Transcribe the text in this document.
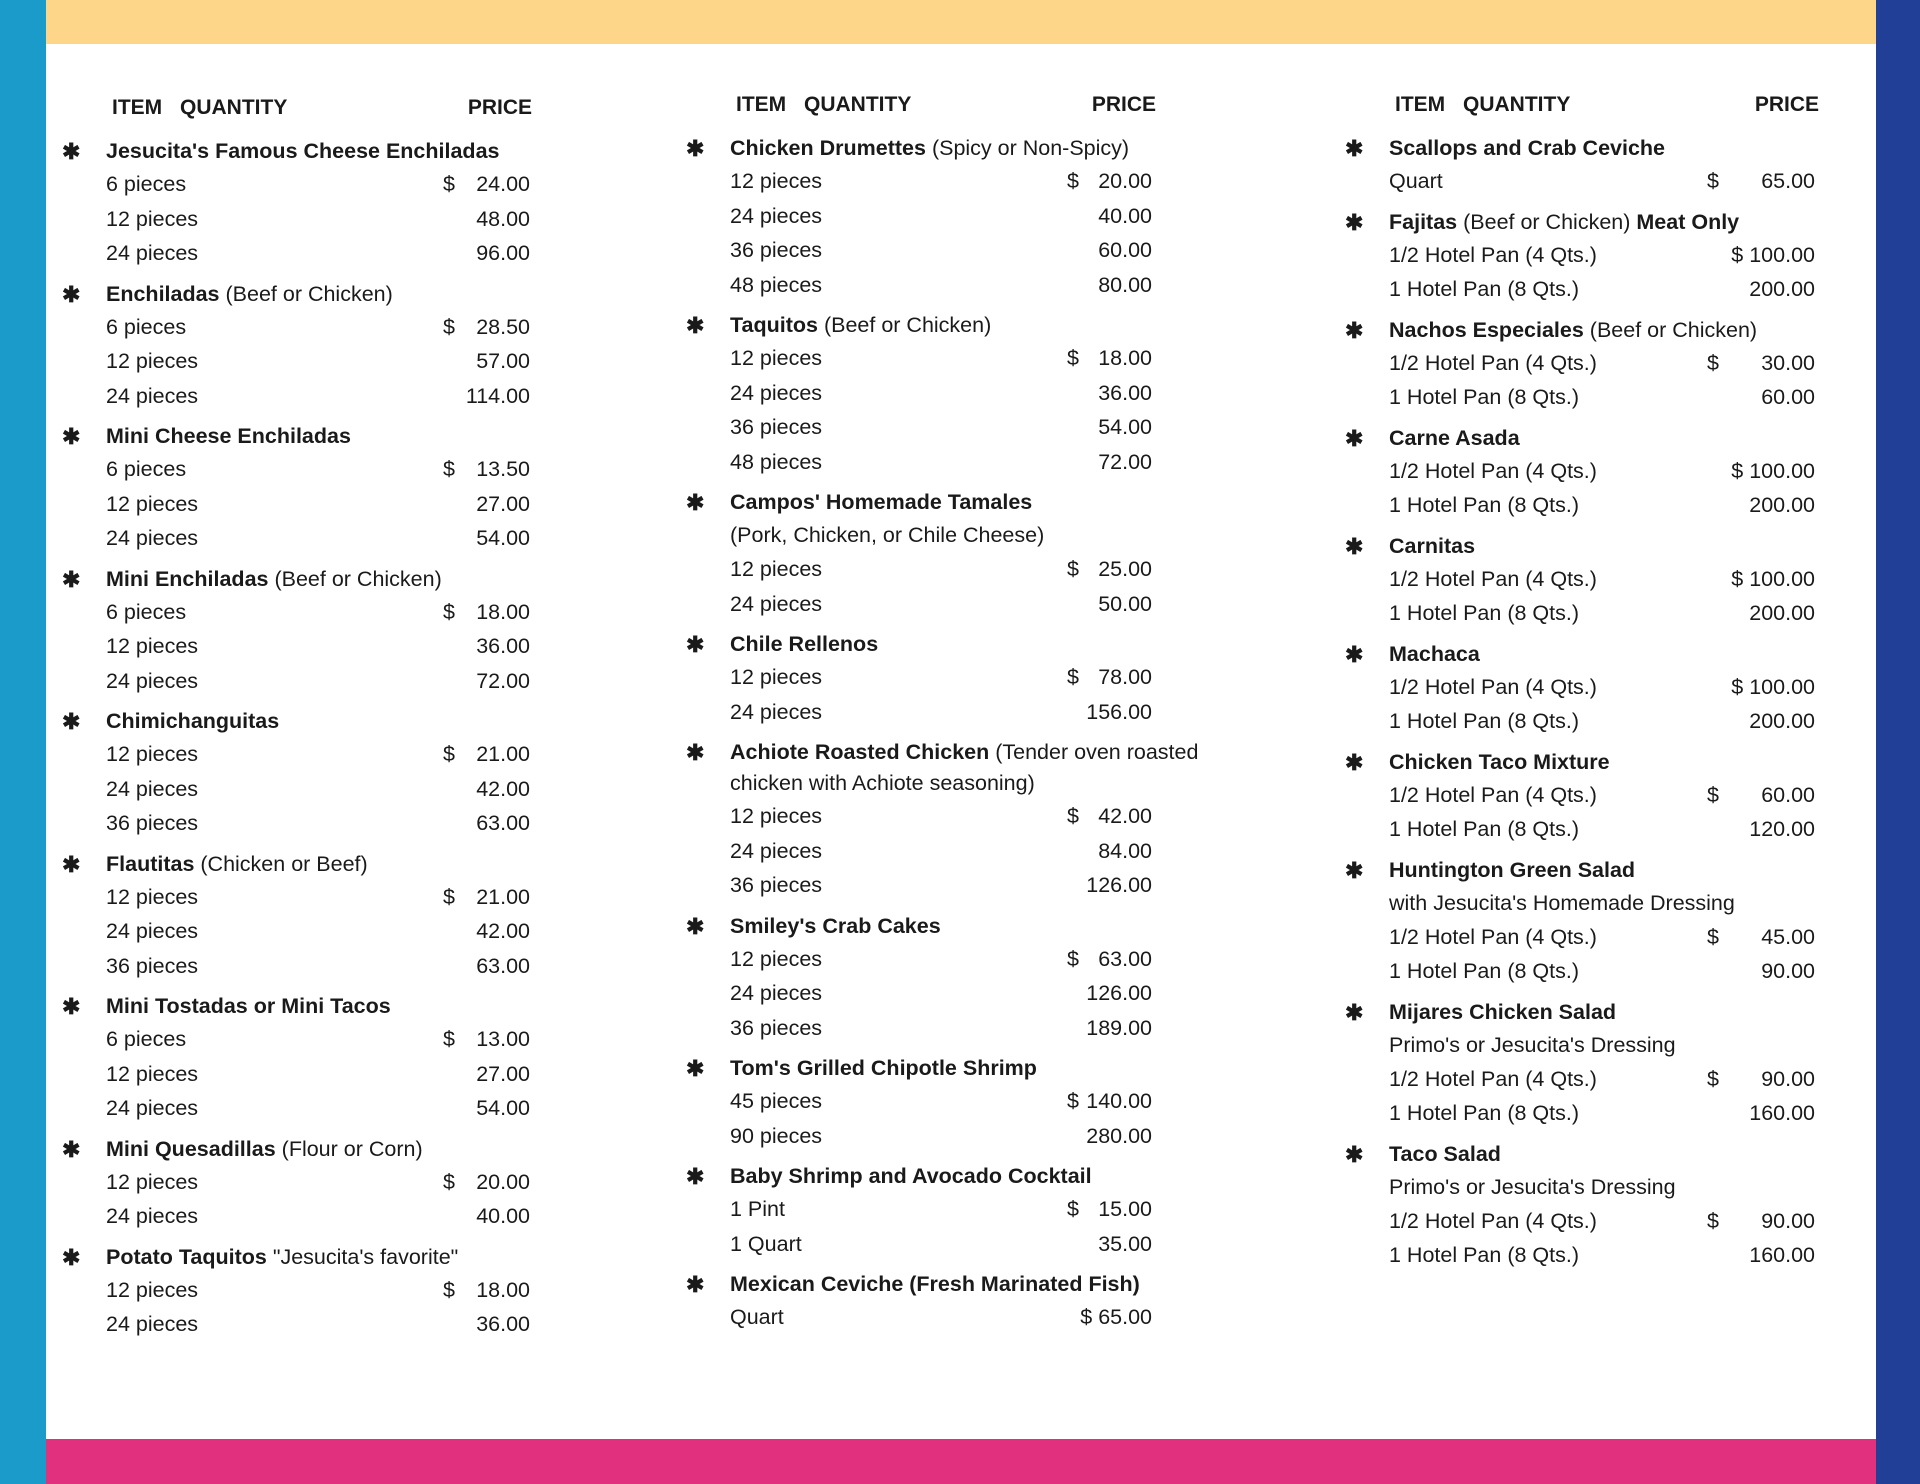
ITEM QUANTITY	PRICE
✱ Jesucita's Famous Cheese Enchiladas
6 pieces	$ 24.00
12 pieces	48.00
24 pieces	96.00
✱ Enchiladas (Beef or Chicken)
6 pieces	$ 28.50
12 pieces	57.00
24 pieces	114.00
✱ Mini Cheese Enchiladas
6 pieces	$ 13.50
12 pieces	27.00
24 pieces	54.00
✱ Mini Enchiladas (Beef or Chicken)
6 pieces	$ 18.00
12 pieces	36.00
24 pieces	72.00
✱ Chimichanguitas
12 pieces	$ 21.00
24 pieces	42.00
36 pieces	63.00
✱ Flautitas (Chicken or Beef)
12 pieces	$ 21.00
24 pieces	42.00
36 pieces	63.00
✱ Mini Tostadas or Mini Tacos
6 pieces	$ 13.00
12 pieces	27.00
24 pieces	54.00
✱ Mini Quesadillas (Flour or Corn)
12 pieces	$ 20.00
24 pieces	40.00
✱ Potato Taquitos "Jesucita's favorite"
12 pieces	$ 18.00
24 pieces	36.00
ITEM QUANTITY	PRICE
✱ Chicken Drumettes (Spicy or Non-Spicy)
12 pieces	$ 20.00
24 pieces	40.00
36 pieces	60.00
48 pieces	80.00
✱ Taquitos (Beef or Chicken)
12 pieces	$ 18.00
24 pieces	36.00
36 pieces	54.00
48 pieces	72.00
✱ Campos' Homemade Tamales
(Pork, Chicken, or Chile Cheese)
12 pieces	$ 25.00
24 pieces	50.00
✱ Chile Rellenos
12 pieces	$ 78.00
24 pieces	156.00
✱ Achiote Roasted Chicken (Tender oven roasted chicken with Achiote seasoning)
12 pieces	$ 42.00
24 pieces	84.00
36 pieces	126.00
✱ Smiley's Crab Cakes
12 pieces	$ 63.00
24 pieces	126.00
36 pieces	189.00
✱ Tom's Grilled Chipotle Shrimp
45 pieces	$ 140.00
90 pieces	280.00
✱ Baby Shrimp and Avocado Cocktail
1 Pint	$ 15.00
1 Quart	35.00
✱ Mexican Ceviche (Fresh Marinated Fish)
Quart	$ 65.00
ITEM QUANTITY	PRICE
✱ Scallops and Crab Ceviche
Quart	$ 65.00
✱ Fajitas (Beef or Chicken) Meat Only
1/2 Hotel Pan (4 Qts.)	$ 100.00
1 Hotel Pan (8 Qts.)	200.00
✱ Nachos Especiales (Beef or Chicken)
1/2 Hotel Pan (4 Qts.)	$ 30.00
1 Hotel Pan (8 Qts.)	60.00
✱ Carne Asada
1/2 Hotel Pan (4 Qts.)	$ 100.00
1 Hotel Pan (8 Qts.)	200.00
✱ Carnitas
1/2 Hotel Pan (4 Qts.)	$ 100.00
1 Hotel Pan (8 Qts.)	200.00
✱ Machaca
1/2 Hotel Pan (4 Qts.)	$ 100.00
1 Hotel Pan (8 Qts.)	200.00
✱ Chicken Taco Mixture
1/2 Hotel Pan (4 Qts.)	$ 60.00
1 Hotel Pan (8 Qts.)	120.00
✱ Huntington Green Salad
with Jesucita's Homemade Dressing
1/2 Hotel Pan (4 Qts.)	$ 45.00
1 Hotel Pan (8 Qts.)	90.00
✱ Mijares Chicken Salad
Primo's or Jesucita's Dressing
1/2 Hotel Pan (4 Qts.)	$ 90.00
1 Hotel Pan (8 Qts.)	160.00
✱ Taco Salad
Primo's or Jesucita's Dressing
1/2 Hotel Pan (4 Qts.)	$ 90.00
1 Hotel Pan (8 Qts.)	160.00
